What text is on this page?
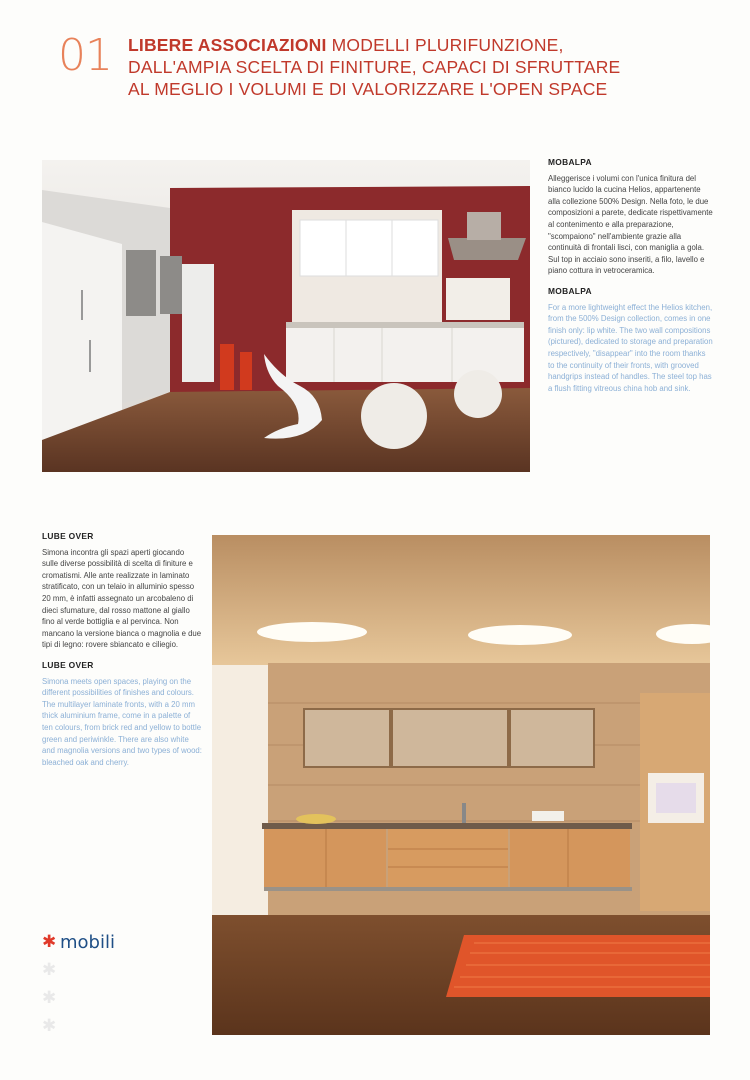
01 LIBERE ASSOCIAZIONI MODELLI PLURIFUNZIONE,
DALL'AMPIA SCELTA DI FINITURE, CAPACI DI SFRUTTARE
AL MEGLIO I VOLUMI E DI VALORIZZARE L'OPEN SPACE
MOBALPA
Alleggerisce i volumi con l'unica finitura del bianco lucido la cucina Helios, appartenente alla collezione 500% Design. Nella foto, le due composizioni a parete, dedicate rispettivamente al contenimento e alla preparazione, "scompaiono" nell'ambiente grazie alla continuità di frontali lisci, con maniglia a gola. Sul top in acciaio sono inseriti, a filo, lavello e piano cottura in vetroceramica.
MOBALPA
For a more lightweight effect the Helios kitchen, from the 500% Design collection, comes in one finish only: lip white. The two wall compositions (pictured), dedicated to storage and preparation respectively, "disappear" into the room thanks to the continuity of their fronts, with grooved handgrips instead of handles. The steel top has a flush fitting vitreous china hob and sink.
LUBE OVER
Simona incontra gli spazi aperti giocando sulle diverse possibilità di scelta di finiture e cromatismi. Alle ante realizzate in laminato stratificato, con un telaio in alluminio spesso 20 mm, è infatti assegnato un arcobaleno di dieci sfumature, dal rosso mattone al giallo fino al verde bottiglia e al pervinca. Non mancano la versione bianca o magnolia e due tipi di legno: rovere sbiancato e ciliegio.
LUBE OVER
Simona meets open spaces, playing on the different possibilities of finishes and colours. The multilayer laminate fronts, with a 20 mm thick aluminium frame, come in a palette of ten colours, from brick red and yellow to bottle green and periwinkle. There are also white and magnolia versions and two types of wood: bleached oak and cherry.
✱ mobili
✱
✱
✱
